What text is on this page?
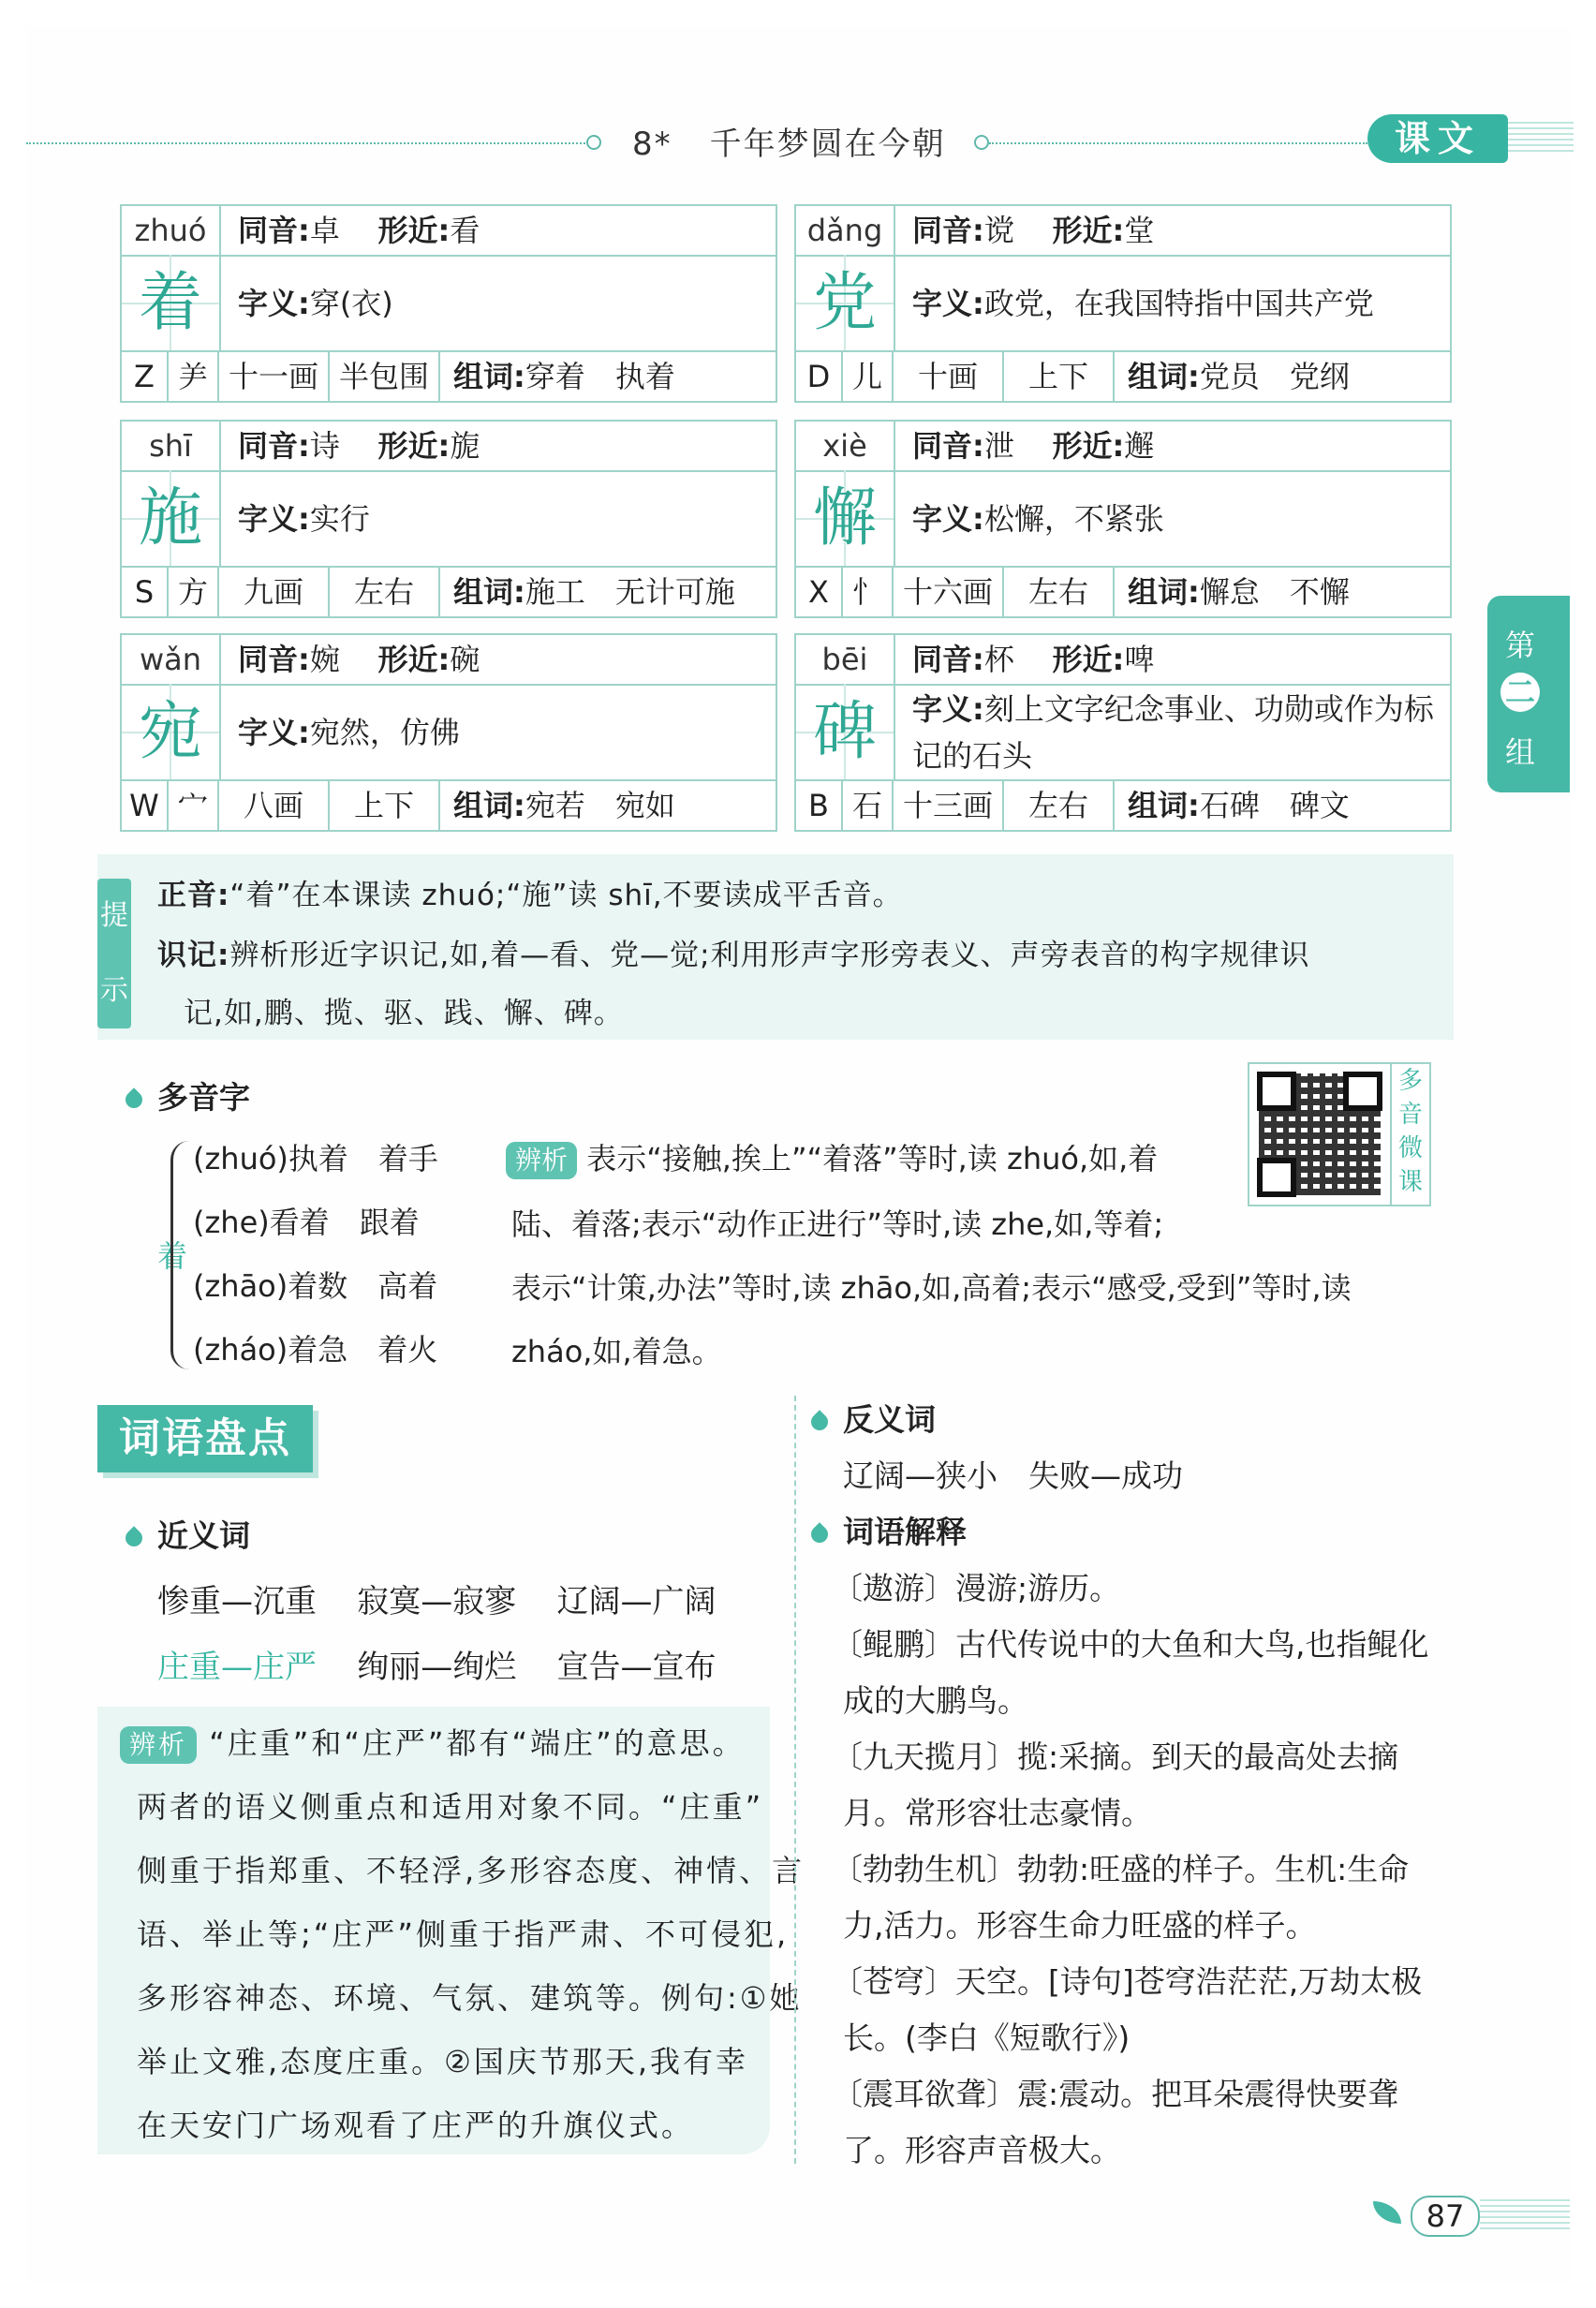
8* 千年梦圆在今朝	课文
第
二
组
zhuó	同音:卓 形近:看
着	字义:穿(衣)
Z ⺶ 十一画 半包围 组词:穿着　执着
dǎng 同音:谠 形近:堂
党	字义:政党，在我国特指中国共产党
D 儿	十画	上下	组词:党员　党纲
shī	同音:诗 形近:旎
施	字义:实行
S 方	九画	左右	组词:施工　无计可施
xiè	同音:泄 形近:邂
懈	字义:松懈，不紧张
X 忄 十六画	左右	组词:懈怠　不懈
wǎn	同音:婉 形近:碗
宛	字义:宛然，仿佛
W 宀	八画	上下	组词:宛若　宛如
bēi	同音:杯 形近:啤
碑	字义:刻上文字纪念事业、功勋或作为标记的石头
B 石 十三画	左右	组词:石碑　碑文
提示
正音:“着”在本课读 zhuó;“施”读 shī,不要读成平舌音。
识记:辨析形近字识记,如,着—看、党—觉;利用形声字形旁表义、声旁表音的构字规律识
记,如,鹏、揽、驱、践、懈、碑。
多音字
着
(zhuó)执着　着手
(zhe)看着　跟着
(zhāo)着数　高着
(zháo)着急　着火
辨析 表示“接触,挨上”“着落”等时,读 zhuó,如,着
陆、着落;表示“动作正进行”等时,读 zhe,如,等着;
表示“计策,办法”等时,读 zhāo,如,高着;表示“感受,受到”等时,读
zháo,如,着急。
多音微课
词语盘点
近义词
惨重—沉重 寂寞—寂寥 辽阔—广阔
庄重—庄严 绚丽—绚烂 宣告—宣布
辨析 “庄重”和“庄严”都有“端庄”的意思。
两者的语义侧重点和适用对象不同。“庄重”
侧重于指郑重、不轻浮,多形容态度、神情、言
语、举止等;“庄严”侧重于指严肃、不可侵犯,
多形容神态、环境、气氛、建筑等。例句:①她
举止文雅,态度庄重。②国庆节那天,我有幸
在天安门广场观看了庄严的升旗仪式。
反义词
辽阔—狭小　失败—成功
词语解释
〔遨游〕漫游;游历。
〔鲲鹏〕古代传说中的大鱼和大鸟,也指鲲化
成的大鹏鸟。
〔九天揽月〕揽:采摘。到天的最高处去摘
月。常形容壮志豪情。
〔勃勃生机〕勃勃:旺盛的样子。生机:生命
力,活力。形容生命力旺盛的样子。
〔苍穹〕天空。[诗句]苍穹浩茫茫,万劫太极
长。(李白《短歌行》)
〔震耳欲聋〕震:震动。把耳朵震得快要聋
了。形容声音极大。
87
